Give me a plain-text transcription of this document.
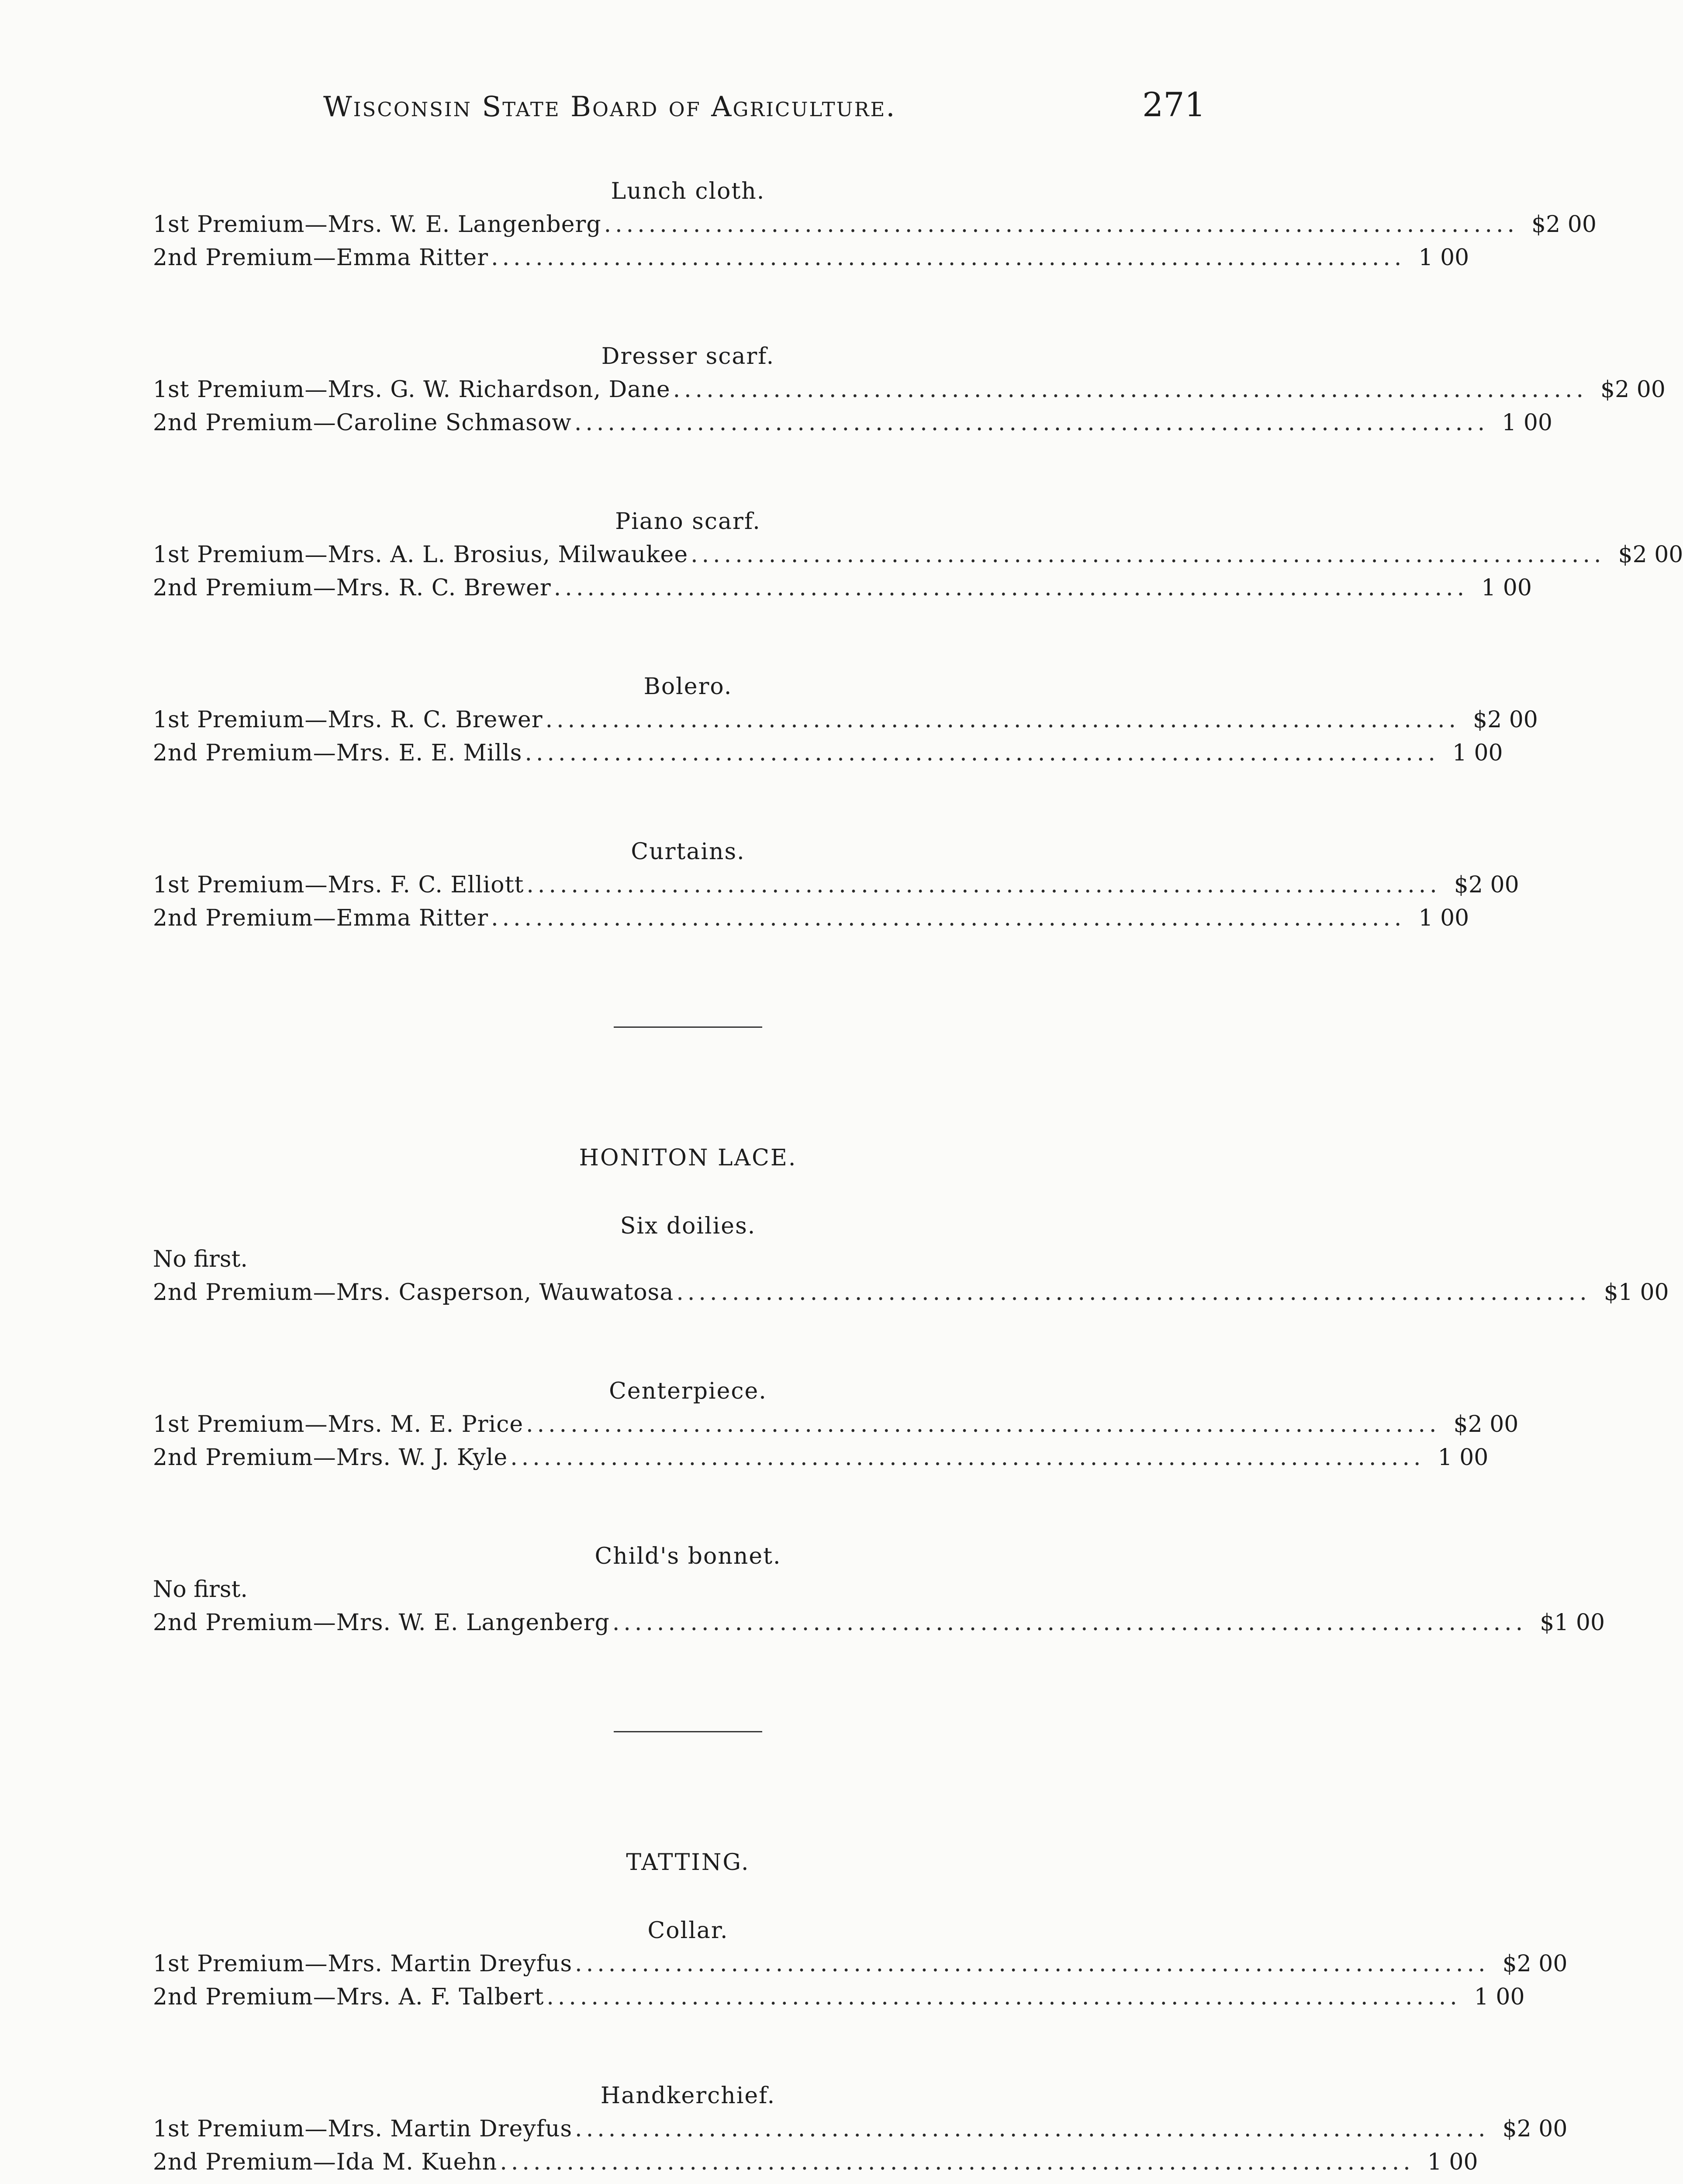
Wisconsin State Board of Agriculture.	271
Lunch cloth.
1st Premium—Mrs. W. E. Langenberg .................................................................................. $2 00
2nd Premium—Emma Ritter .................................................................................. 1 00
Dresser scarf.
1st Premium—Mrs. G. W. Richardson, Dane .................................................................................. $2 00
2nd Premium—Caroline Schmasow .................................................................................. 1 00
Piano scarf.
1st Premium—Mrs. A. L. Brosius, Milwaukee .................................................................................. $2 00
2nd Premium—Mrs. R. C. Brewer .................................................................................. 1 00
Bolero.
1st Premium—Mrs. R. C. Brewer .................................................................................. $2 00
2nd Premium—Mrs. E. E. Mills .................................................................................. 1 00
Curtains.
1st Premium—Mrs. F. C. Elliott .................................................................................. $2 00
2nd Premium—Emma Ritter .................................................................................. 1 00
HONITON LACE.
Six doilies.
No first.
2nd Premium—Mrs. Casperson, Wauwatosa .................................................................................. $1 00
Centerpiece.
1st Premium—Mrs. M. E. Price .................................................................................. $2 00
2nd Premium—Mrs. W. J. Kyle .................................................................................. 1 00
Child's bonnet.
No first.
2nd Premium—Mrs. W. E. Langenberg .................................................................................. $1 00
TATTING.
Collar.
1st Premium—Mrs. Martin Dreyfus .................................................................................. $2 00
2nd Premium—Mrs. A. F. Talbert .................................................................................. 1 00
Handkerchief.
1st Premium—Mrs. Martin Dreyfus .................................................................................. $2 00
2nd Premium—Ida M. Kuehn .................................................................................. 1 00
